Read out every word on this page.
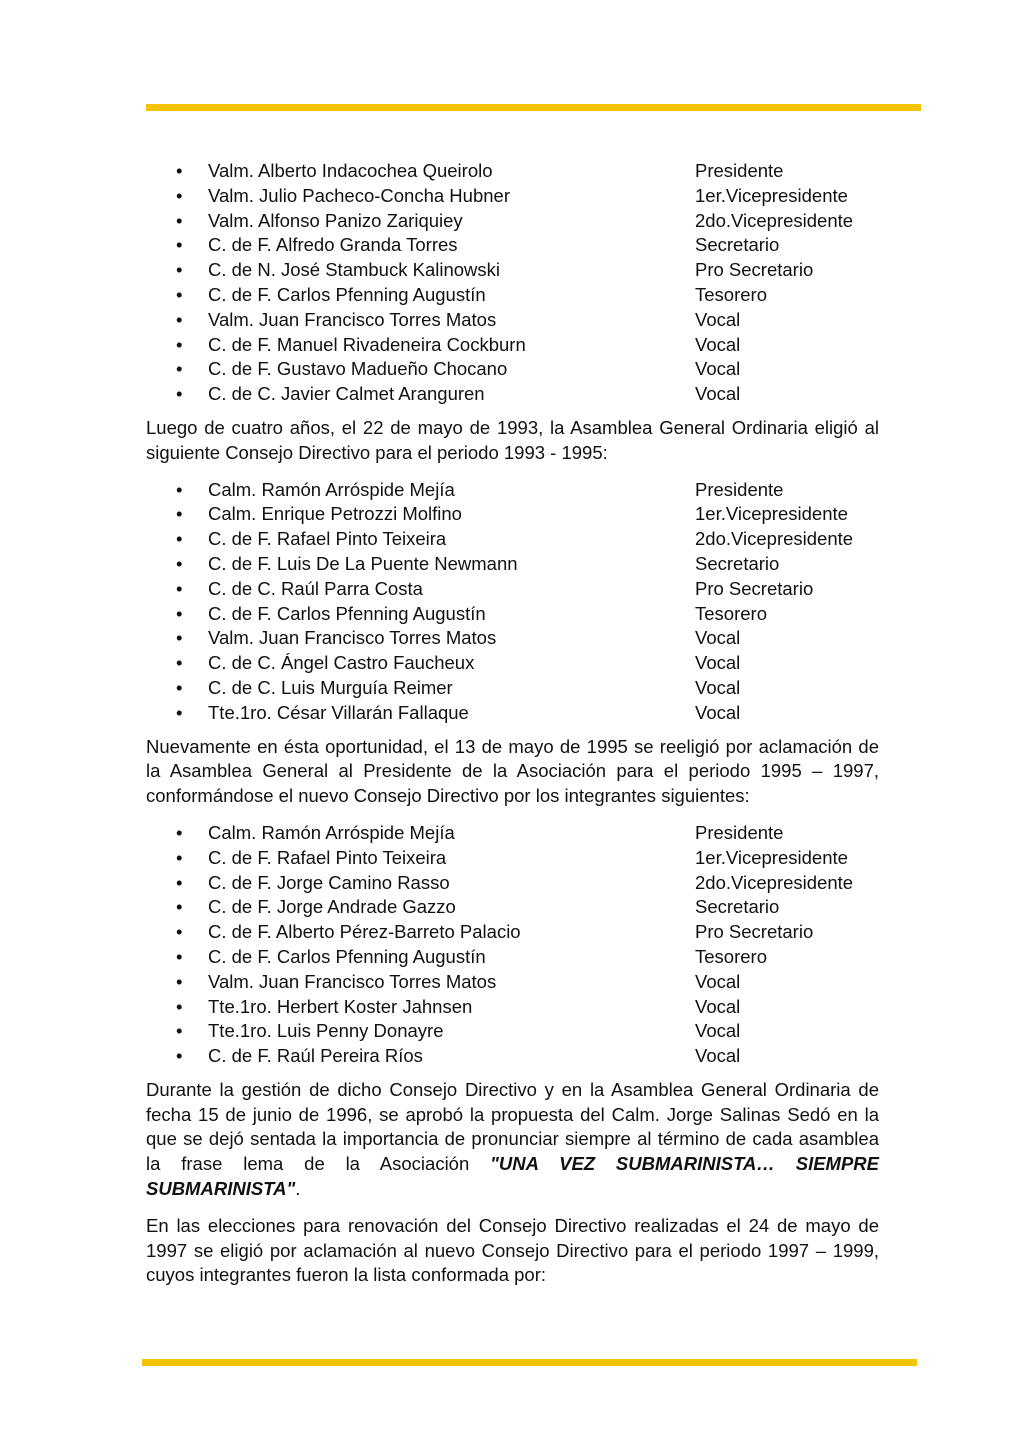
• Valm. Alberto Indacochea Queirolo	Presidente
• Valm. Julio Pacheco-Concha Hubner	1er.Vicepresidente
• Valm. Alfonso Panizo Zariquiey	2do.Vicepresidente
• C. de F. Alfredo Granda Torres	Secretario
• C. de N. José Stambuck Kalinowski	Pro Secretario
• C. de F. Carlos Pfenning Augustín	Tesorero
• Valm. Juan Francisco Torres Matos	Vocal
• C. de F. Manuel Rivadeneira Cockburn	Vocal
• C. de F. Gustavo Madueño Chocano	Vocal
• C. de C. Javier Calmet Aranguren	Vocal

Luego de cuatro años, el 22 de mayo de 1993, la Asamblea General Ordinaria eligió al siguiente Consejo Directivo para el periodo 1993 - 1995:

• Calm. Ramón Arróspide Mejía	Presidente
• Calm. Enrique Petrozzi Molfino	1er.Vicepresidente
• C. de F. Rafael Pinto Teixeira	2do.Vicepresidente
• C. de F. Luis De La Puente Newmann	Secretario
• C. de C. Raúl Parra Costa	Pro Secretario
• C. de F. Carlos Pfenning Augustín	Tesorero
• Valm. Juan Francisco Torres Matos	Vocal
• C. de C. Ángel Castro Faucheux	Vocal
• C. de C. Luis Murguía Reimer	Vocal
• Tte.1ro. César Villarán Fallaque	Vocal

Nuevamente en ésta oportunidad, el 13 de mayo de 1995 se reeligió por aclamación de la Asamblea General al Presidente de la Asociación para el periodo 1995 – 1997, conformándose el nuevo Consejo Directivo por los integrantes siguientes:

• Calm. Ramón Arróspide Mejía	Presidente
• C. de F. Rafael Pinto Teixeira	1er.Vicepresidente
• C. de F. Jorge Camino Rasso	2do.Vicepresidente
• C. de F. Jorge Andrade Gazzo	Secretario
• C. de F. Alberto Pérez-Barreto Palacio	Pro Secretario
• C. de F. Carlos Pfenning Augustín	Tesorero
• Valm. Juan Francisco Torres Matos	Vocal
• Tte.1ro. Herbert Koster Jahnsen	Vocal
• Tte.1ro. Luis Penny Donayre	Vocal
• C. de F. Raúl Pereira Ríos	Vocal

Durante la gestión de dicho Consejo Directivo y en la Asamblea General Ordinaria de fecha 15 de junio de 1996, se aprobó la propuesta del Calm. Jorge Salinas Sedó en la que se dejó sentada la importancia de pronunciar siempre al término de cada asamblea la frase lema de la Asociación "UNA VEZ SUBMARINISTA… SIEMPRE SUBMARINISTA".

En las elecciones para renovación del Consejo Directivo realizadas el 24 de mayo de 1997 se eligió por aclamación al nuevo Consejo Directivo para el periodo 1997 – 1999, cuyos integrantes fueron la lista conformada por:
